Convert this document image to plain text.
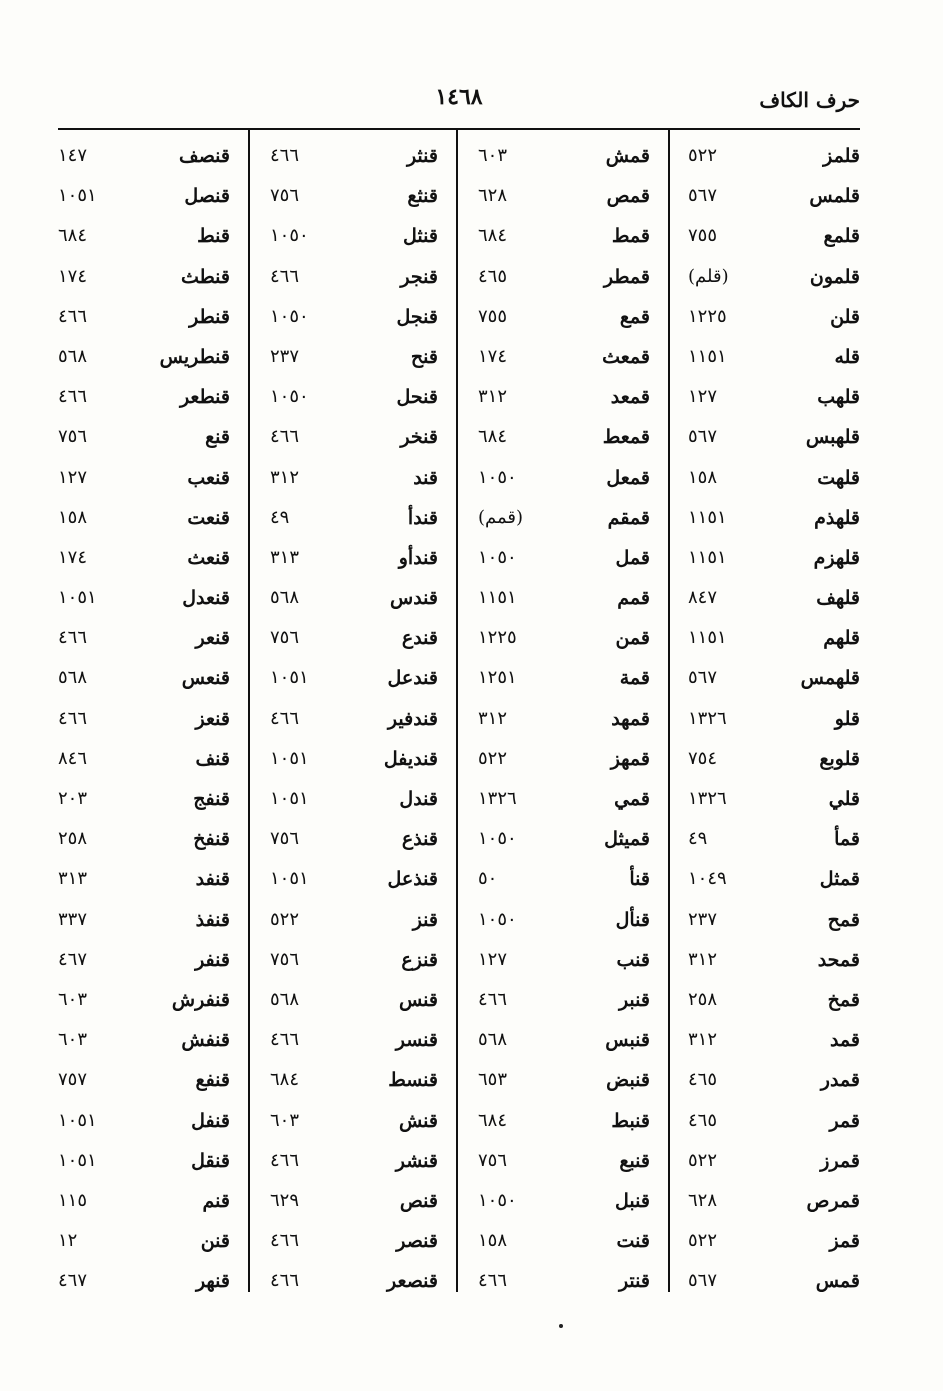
حرف الكاف
١٤٦٨
قلمز
٥٢٢
قلمس
٥٦٧
قلمع
٧٥٥
قلمون
(قلم)
قلن
١٢٢٥
قله
١١٥١
قلهب
١٢٧
قلهبس
٥٦٧
قلهت
١٥٨
قلهذم
١١٥١
قلهزم
١١٥١
قلهف
٨٤٧
قلهم
١١٥١
قلهمس
٥٦٧
قلو
١٣٢٦
قلوبع
٧٥٤
قلي
١٣٢٦
قمأ
٤٩
قمثل
١٠٤٩
قمح
٢٣٧
قمحد
٣١٢
قمخ
٢٥٨
قمد
٣١٢
قمدر
٤٦٥
قمر
٤٦٥
قمرز
٥٢٢
قمرص
٦٢٨
قمز
٥٢٢
قمس
٥٦٧
قمش
٦٠٣
قمص
٦٢٨
قمط
٦٨٤
قمطر
٤٦٥
قمع
٧٥٥
قمعث
١٧٤
قمعد
٣١٢
قمعط
٦٨٤
قمعل
١٠٥٠
قمقم
(قمم)
قمل
١٠٥٠
قمم
١١٥١
قمن
١٢٢٥
قمة
١٢٥١
قمهد
٣١٢
قمهز
٥٢٢
قمي
١٣٢٦
قميثل
١٠٥٠
قنأ
٥٠
قنأل
١٠٥٠
قنب
١٢٧
قنبر
٤٦٦
قنبس
٥٦٨
قنبض
٦٥٣
قنبط
٦٨٤
قنبع
٧٥٦
قنبل
١٠٥٠
قنت
١٥٨
قنتر
٤٦٦
قنثر
٤٦٦
قنثع
٧٥٦
قنثل
١٠٥٠
قنجر
٤٦٦
قنجل
١٠٥٠
قنح
٢٣٧
قنحل
١٠٥٠
قنخر
٤٦٦
قند
٣١٢
قندأ
٤٩
قندأو
٣١٣
قندس
٥٦٨
قندع
٧٥٦
قندعل
١٠٥١
قندفير
٤٦٦
قنديفل
١٠٥١
قندل
١٠٥١
قنذع
٧٥٦
قنذعل
١٠٥١
قنز
٥٢٢
قنزع
٧٥٦
قنس
٥٦٨
قنسر
٤٦٦
قنسط
٦٨٤
قنش
٦٠٣
قنشر
٤٦٦
قنص
٦٢٩
قنصر
٤٦٦
قنصعر
٤٦٦
قنصف
١٤٧
قنصل
١٠٥١
قنط
٦٨٤
قنطث
١٧٤
قنطر
٤٦٦
قنطريس
٥٦٨
قنطعر
٤٦٦
قنع
٧٥٦
قنعب
١٢٧
قنعت
١٥٨
قنعث
١٧٤
قنعدل
١٠٥١
قنعر
٤٦٦
قنعس
٥٦٨
قنعز
٤٦٦
قنف
٨٤٦
قنفج
٢٠٣
قنفخ
٢٥٨
قنفد
٣١٣
قنفذ
٣٣٧
قنفر
٤٦٧
قنفرش
٦٠٣
قنفش
٦٠٣
قنفع
٧٥٧
قنفل
١٠٥١
قنقل
١٠٥١
قنم
١١٥
قنن
١٢
قنهر
٤٦٧
